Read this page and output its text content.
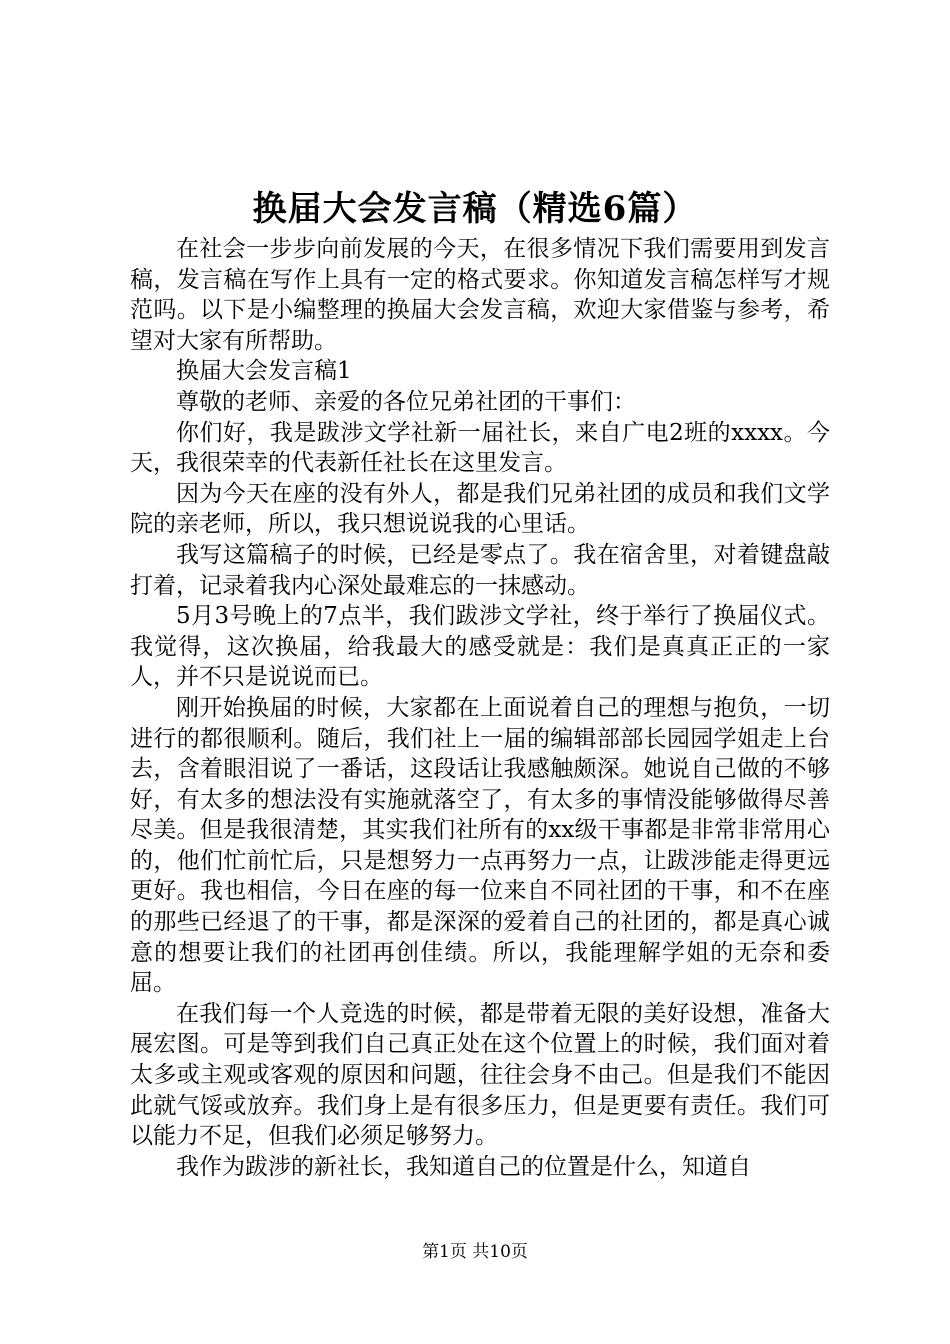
换届大会发言稿（精选6篇）

在社会一步步向前发展的今天，在很多情况下我们需要用到发言稿，发言稿在写作上具有一定的格式要求。你知道发言稿怎样写才规范吗。以下是小编整理的换届大会发言稿，欢迎大家借鉴与参考，希望对大家有所帮助。

换届大会发言稿1

尊敬的老师、亲爱的各位兄弟社团的干事们：

你们好，我是跋涉文学社新一届社长，来自广电2班的xxxx。今天，我很荣幸的代表新任社长在这里发言。

因为今天在座的没有外人，都是我们兄弟社团的成员和我们文学院的亲老师，所以，我只想说说我的心里话。

我写这篇稿子的时候，已经是零点了。我在宿舍里，对着键盘敲打着，记录着我内心深处最难忘的一抹感动。

5月3号晚上的7点半，我们跋涉文学社，终于举行了换届仪式。我觉得，这次换届，给我最大的感受就是：我们是真真正正的一家人，并不只是说说而已。

刚开始换届的时候，大家都在上面说着自己的理想与抱负，一切进行的都很顺利。随后，我们社上一届的编辑部部长园园学姐走上台去，含着眼泪说了一番话，这段话让我感触颇深。她说自己做的不够好，有太多的想法没有实施就落空了，有太多的事情没能够做得尽善尽美。但是我很清楚，其实我们社所有的xx级干事都是非常非常用心的，他们忙前忙后，只是想努力一点再努力一点，让跋涉能走得更远更好。我也相信，今日在座的每一位来自不同社团的干事，和不在座的那些已经退了的干事，都是深深的爱着自己的社团的，都是真心诚意的想要让我们的社团再创佳绩。所以，我能理解学姐的无奈和委屈。

在我们每一个人竞选的时候，都是带着无限的美好设想，准备大展宏图。可是等到我们自己真正处在这个位置上的时候，我们面对着太多或主观或客观的原因和问题，往往会身不由己。但是我们不能因此就气馁或放弃。我们身上是有很多压力，但是更要有责任。我们可以能力不足，但我们必须足够努力。

我作为跋涉的新社长，我知道自己的位置是什么，知道自

第1页 共10页
